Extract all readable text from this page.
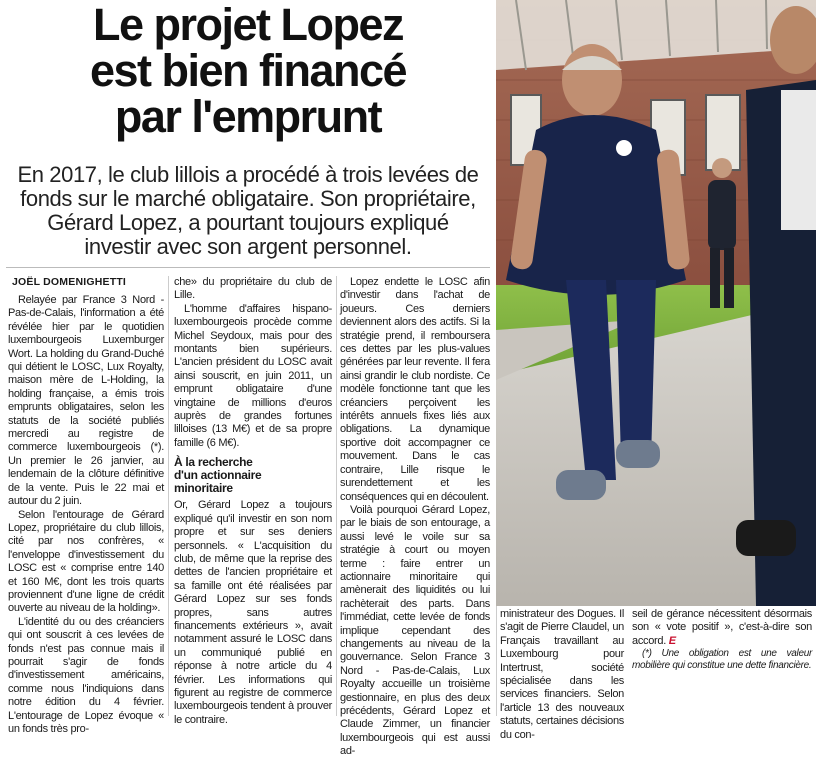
Le projet Lopez
est bien financé
par l'emprunt
En 2017, le club lillois a procédé à trois levées de
fonds sur le marché obligataire. Son propriétaire,
Gérard Lopez, a pourtant toujours expliqué
investir avec son argent personnel.
JOËL DOMENIGHETTI

Relayée par France 3 Nord - Pas-de-Calais, l'information a été révélée hier par le quotidien luxembourgeois Luxemburger Wort. La holding du Grand-Duché qui détient le LOSC, Lux Royalty, maison mère de L-Holding, la holding française, a émis trois emprunts obligataires, selon les statuts de la société publiés mercredi au registre de commerce luxembourgeois (*). Un premier le 26 janvier, au lendemain de la clôture définitive de la vente. Puis le 22 mai et autour du 2 juin.

Selon l'entourage de Gérard Lopez, propriétaire du club lillois, cité par nos confrères, « l'enveloppe d'investissement du LOSC est « comprise entre 140 et 160 M€, dont les trois quarts proviennent d'une ligne de crédit ouverte au niveau de la holding».

L'identité du ou des créanciers qui ont souscrit à ces levées de fonds n'est pas connue mais il pourrait s'agir de fonds d'investissement américains, comme nous l'indiquions dans notre édition du 4 février. L'entourage de Lopez évoque « un fonds très pro-

che» du propriétaire du club de Lille.

L'homme d'affaires hispano-luxembourgeois procède comme Michel Seydoux, mais pour des montants bien supérieurs. L'ancien président du LOSC avait ainsi souscrit, en juin 2011, un emprunt obligataire d'une vingtaine de millions d'euros auprès de grandes fortunes lilloises (13 M€) et de sa propre famille (6 M€).

À la recherche
d'un actionnaire
minoritaire

Or, Gérard Lopez a toujours expliqué qu'il investir en son nom propre et sur ses deniers personnels. « L'acquisition du club, de même que la reprise des dettes de l'ancien propriétaire et sa famille ont été réalisées par Gérard Lopez sur ses fonds propres, sans autres financements extérieurs », avait notamment assuré le LOSC dans un communiqué publié en réponse à notre article du 4 février. Les informations qui figurent au registre de commerce luxembourgeois tendent à prouver le contraire.

Lopez endette le LOSC afin d'investir dans l'achat de joueurs. Ces derniers deviennent alors des actifs. Si la stratégie prend, il remboursera ces dettes par les plus-values générées par leur revente. Il fera ainsi grandir le club nordiste. Ce modèle fonctionne tant que les créanciers perçoivent les intérêts annuels fixes liés aux obligations. La dynamique sportive doit accompagner ce mouvement. Dans le cas contraire, Lille risque le surendettement et les conséquences qui en découlent.

Voilà pourquoi Gérard Lopez, par le biais de son entourage, a aussi levé le voile sur sa stratégie à court ou moyen terme : faire entrer un actionnaire minoritaire qui amènerait des liquidités ou lui rachèterait des parts. Dans l'immédiat, cette levée de fonds implique cependant des changements au niveau de la gouvernance. Selon France 3 Nord - Pas-de-Calais, Lux Royalty accueille un troisième gestionnaire, en plus des deux précédents, Gérard Lopez et Claude Zimmer, un financier luxembourgeois qui est aussi ad-

ministrateur des Dogues. Il s'agit de Pierre Claudel, un Français travaillant au Luxembourg pour Intertrust, société spécialisée dans les services financiers. Selon l'article 13 des nouveaux statuts, certaines décisions du con-

seil de gérance nécessitent désormais son « vote positif », c'est-à-dire son accord. E

(*) Une obligation est une valeur mobilière qui constitue une dette financière.
